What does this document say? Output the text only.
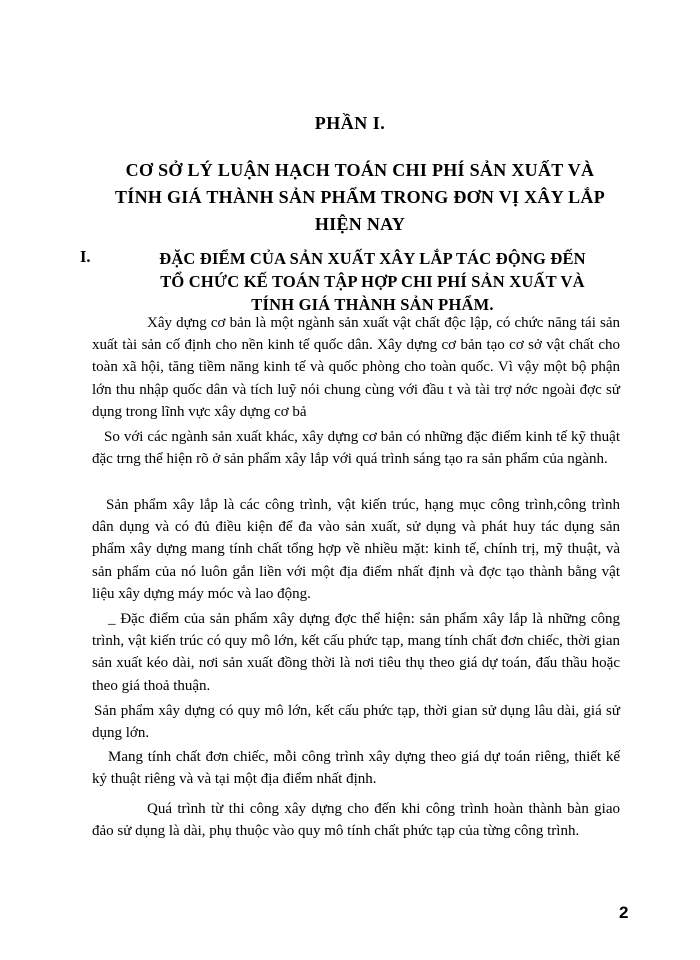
PHẦN I.
CƠ SỞ LÝ LUẬN HẠCH TOÁN CHI PHÍ SẢN XUẤT VÀ TÍNH GIÁ THÀNH SẢN PHẨM TRONG ĐƠN VỊ XÂY LẮP HIỆN NAY
I.	ĐẶC ĐIỂM CỦA SẢN XUẤT XÂY LẮP TÁC ĐỘNG ĐẾN TỔ CHỨC KẾ TOÁN TẬP HỢP CHI PHÍ SẢN XUẤT VÀ TÍNH GIÁ THÀNH SẢN PHẨM.

Xây dựng cơ bản là một ngành sản xuất vật chất độc lập, có chức năng tái sản xuất tài sản cố định cho nền kinh tế quốc dân. Xây dựng cơ bản tạo cơ sở vật chất cho toàn xã hội, tăng tiềm năng kinh tế và quốc phòng cho toàn quốc. Vì vậy một bộ phận lớn thu nhập quốc dân và tích luỹ nói chung cùng với đầu t và tài trợ nớc ngoài đợc sử dụng trong lĩnh vực xây dựng cơ bả

So với các ngành sản xuất khác, xây dựng cơ bản có những đặc điểm kinh tế kỹ thuật đặc trng thể hiện rõ ở sản phẩm xây lắp với quá trình sáng tạo ra sản phẩm của ngành.

Sản phẩm xây lắp là các công trình, vật kiến trúc, hạng mục công trình,công trình dân dụng và có đủ điều kiện để đa vào sản xuất, sử dụng và phát huy tác dụng sản phẩm xây dựng mang tính chất tổng hợp về nhiều mặt: kinh tế, chính trị, mỹ thuật, và sản phẩm của nó luôn gắn liền với một địa điểm nhất định và đợc tạo thành bằng vật liệu xây dựng máy móc và lao động.

_ Đặc điểm của sản phẩm xây dựng đợc thể hiện: sản phẩm xây lắp là những công trình, vật kiến trúc có quy mô lớn, kết cấu phức tạp, mang tính chất đơn chiếc, thời gian sản xuất kéo dài, nơi sản xuất đồng thời là nơi tiêu thụ theo giá dự toán, đấu thầu hoặc theo giá thoả thuận.

Sản phẩm xây dựng có quy mô lớn, kết cấu phức tạp, thời gian sử dụng lâu dài, giá sử dụng lớn.

Mang tính chất đơn chiếc, mỗi công trình xây dựng theo giá dự toán riêng, thiết kế kỷ thuật riêng và và tại một địa điểm nhất định.

Quá trình từ thi công xây dựng cho đến khi công trình hoàn thành bàn giao đảo sử dụng là dài, phụ thuộc vào quy mô tính chất phức tạp của từng công trình.

2
